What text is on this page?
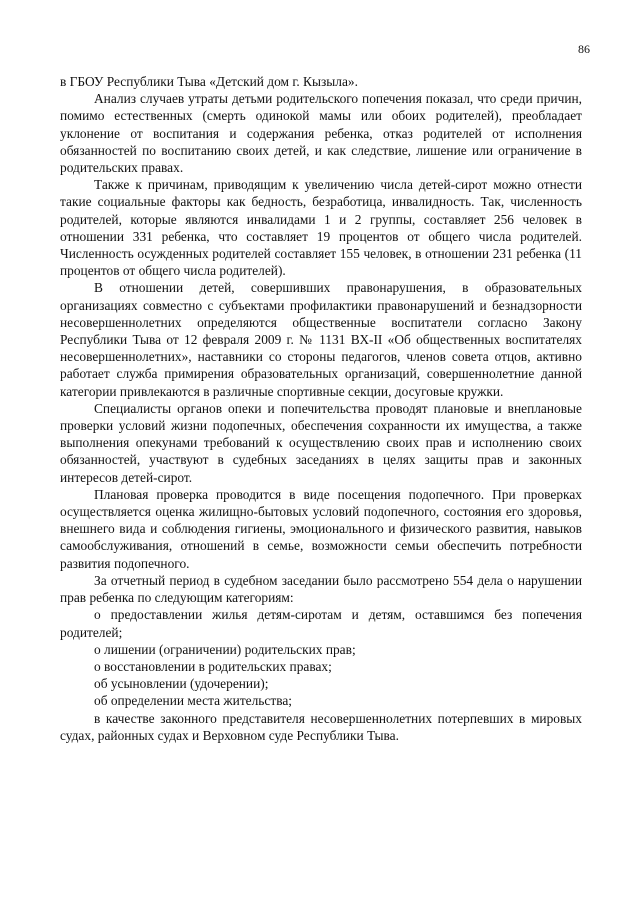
86

в ГБОУ Республики Тыва «Детский дом г. Кызыла».

Анализ случаев утраты детьми родительского попечения показал, что среди причин, помимо естественных (смерть одинокой мамы или обоих родителей), преобладает уклонение от воспитания и содержания ребенка, отказ родителей от исполнения обязанностей по воспитанию своих детей, и как следствие, лишение или ограничение в родительских правах.

Также к причинам, приводящим к увеличению числа детей-сирот можно отнести такие социальные факторы как бедность, безработица, инвалидность. Так, численность родителей, которые являются инвалидами 1 и 2 группы, составляет 256 человек в отношении 331 ребенка, что составляет 19 процентов от общего числа родителей. Численность осужденных родителей составляет 155 человек, в отношении 231 ребенка (11 процентов от общего числа родителей).

В отношении детей, совершивших правонарушения, в образовательных организациях совместно с субъектами профилактики правонарушений и безнадзорности несовершеннолетних определяются общественные воспитатели согласно Закону Республики Тыва от 12 февраля 2009 г. № 1131 ВХ-II «Об общественных воспитателях несовершеннолетних», наставники со стороны педагогов, членов совета отцов, активно работает служба примирения образовательных организаций, совершеннолетние данной категории привлекаются в различные спортивные секции, досуговые кружки.

Специалисты органов опеки и попечительства проводят плановые и внеплановые проверки условий жизни подопечных, обеспечения сохранности их имущества, а также выполнения опекунами требований к осуществлению своих прав и исполнению своих обязанностей, участвуют в судебных заседаниях в целях защиты прав и законных интересов детей-сирот.

Плановая проверка проводится в виде посещения подопечного. При проверках осуществляется оценка жилищно-бытовых условий подопечного, состояния его здоровья, внешнего вида и соблюдения гигиены, эмоционального и физического развития, навыков самообслуживания, отношений в семье, возможности семьи обеспечить потребности развития подопечного.

За отчетный период в судебном заседании было рассмотрено 554 дела о нарушении прав ребенка по следующим категориям:

о предоставлении жилья детям-сиротам и детям, оставшимся без попечения родителей;

о лишении (ограничении) родительских прав;

о восстановлении в родительских правах;

об усыновлении (удочерении);

об определении места жительства;

в качестве законного представителя несовершеннолетних потерпевших в мировых судах, районных судах и Верховном суде Республики Тыва.
